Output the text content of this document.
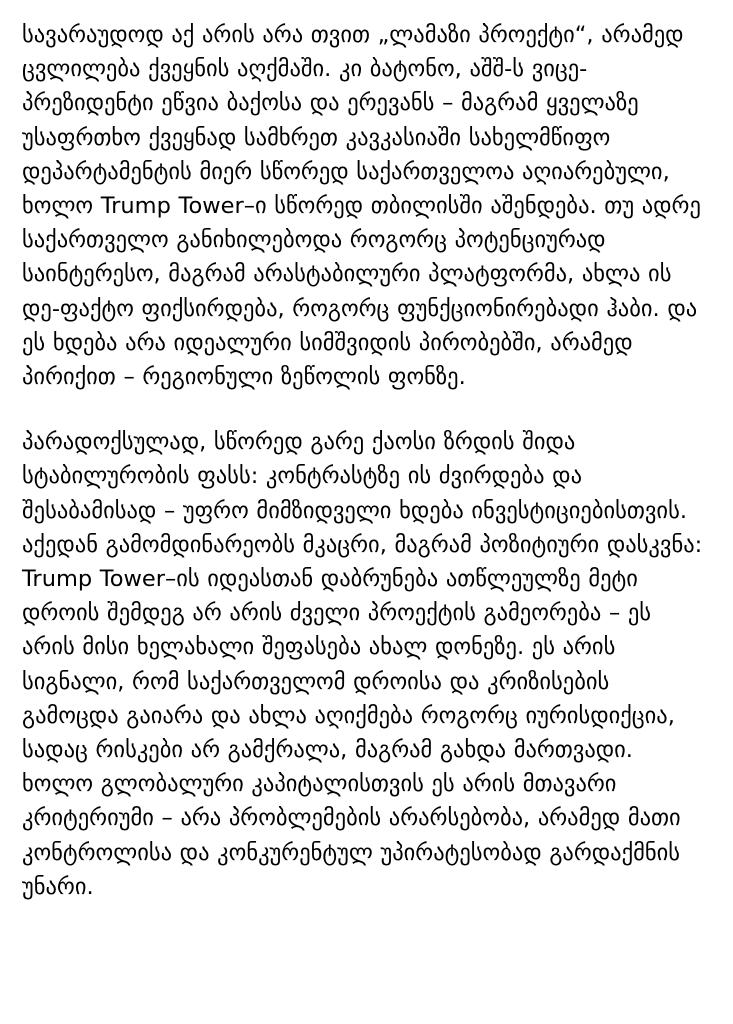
სავარაუდოდ აქ არის არა თვით „ლამაზი პროექტი“, არამედ ცვლილება ქვეყნის აღქმაში. კი ბატონო, აშშ-ს ვიცე-პრეზიდენტი ეწვია ბაქოსა და ერევანს – მაგრამ ყველაზე უსაფრთხო ქვეყნად სამხრეთ კავკასიაში სახელმწიფო დეპარტამენტის მიერ სწორედ საქართველოა აღიარებული, ხოლო Trump Tower–ი სწორედ თბილისში აშენდება. თუ ადრე საქართველო განიხილებოდა როგორც პოტენციურად საინტერესო, მაგრამ არასტაბილური პლატფორმა, ახლა ის დე-ფაქტო ფიქსირდება, როგორც ფუნქციონირებადი ჰაბი. და ეს ხდება არა იდეალური სიმშვიდის პირობებში, არამედ პირიქით – რეგიონული ზეწოლის ფონზე.

პარადოქსულად, სწორედ გარე ქაოსი ზრდის შიდა სტაბილურობის ფასს: კონტრასტზე ის ძვირდება და შესაბამისად – უფრო მიმზიდველი ხდება ინვესტიციებისთვის. აქედან გამომდინარეობს მკაცრი, მაგრამ პოზიტიური დასკვნა: Trump Tower–ის იდეასთან დაბრუნება ათწლეულზე მეტი დროის შემდეგ არ არის ძველი პროექტის გამეორება – ეს არის მისი ხელახალი შეფასება ახალ დონეზე. ეს არის სიგნალი, რომ საქართველომ დროისა და კრიზისების გამოცდა გაიარა და ახლა აღიქმება როგორც იურისდიქცია, სადაც რისკები არ გამქრალა, მაგრამ გახდა მართვადი. ხოლო გლობალური კაპიტალისთვის ეს არის მთავარი კრიტერიუმი – არა პრობლემების არარსებობა, არამედ მათი კონტროლისა და კონკურენტულ უპირატესობად გარდაქმნის უნარი.
